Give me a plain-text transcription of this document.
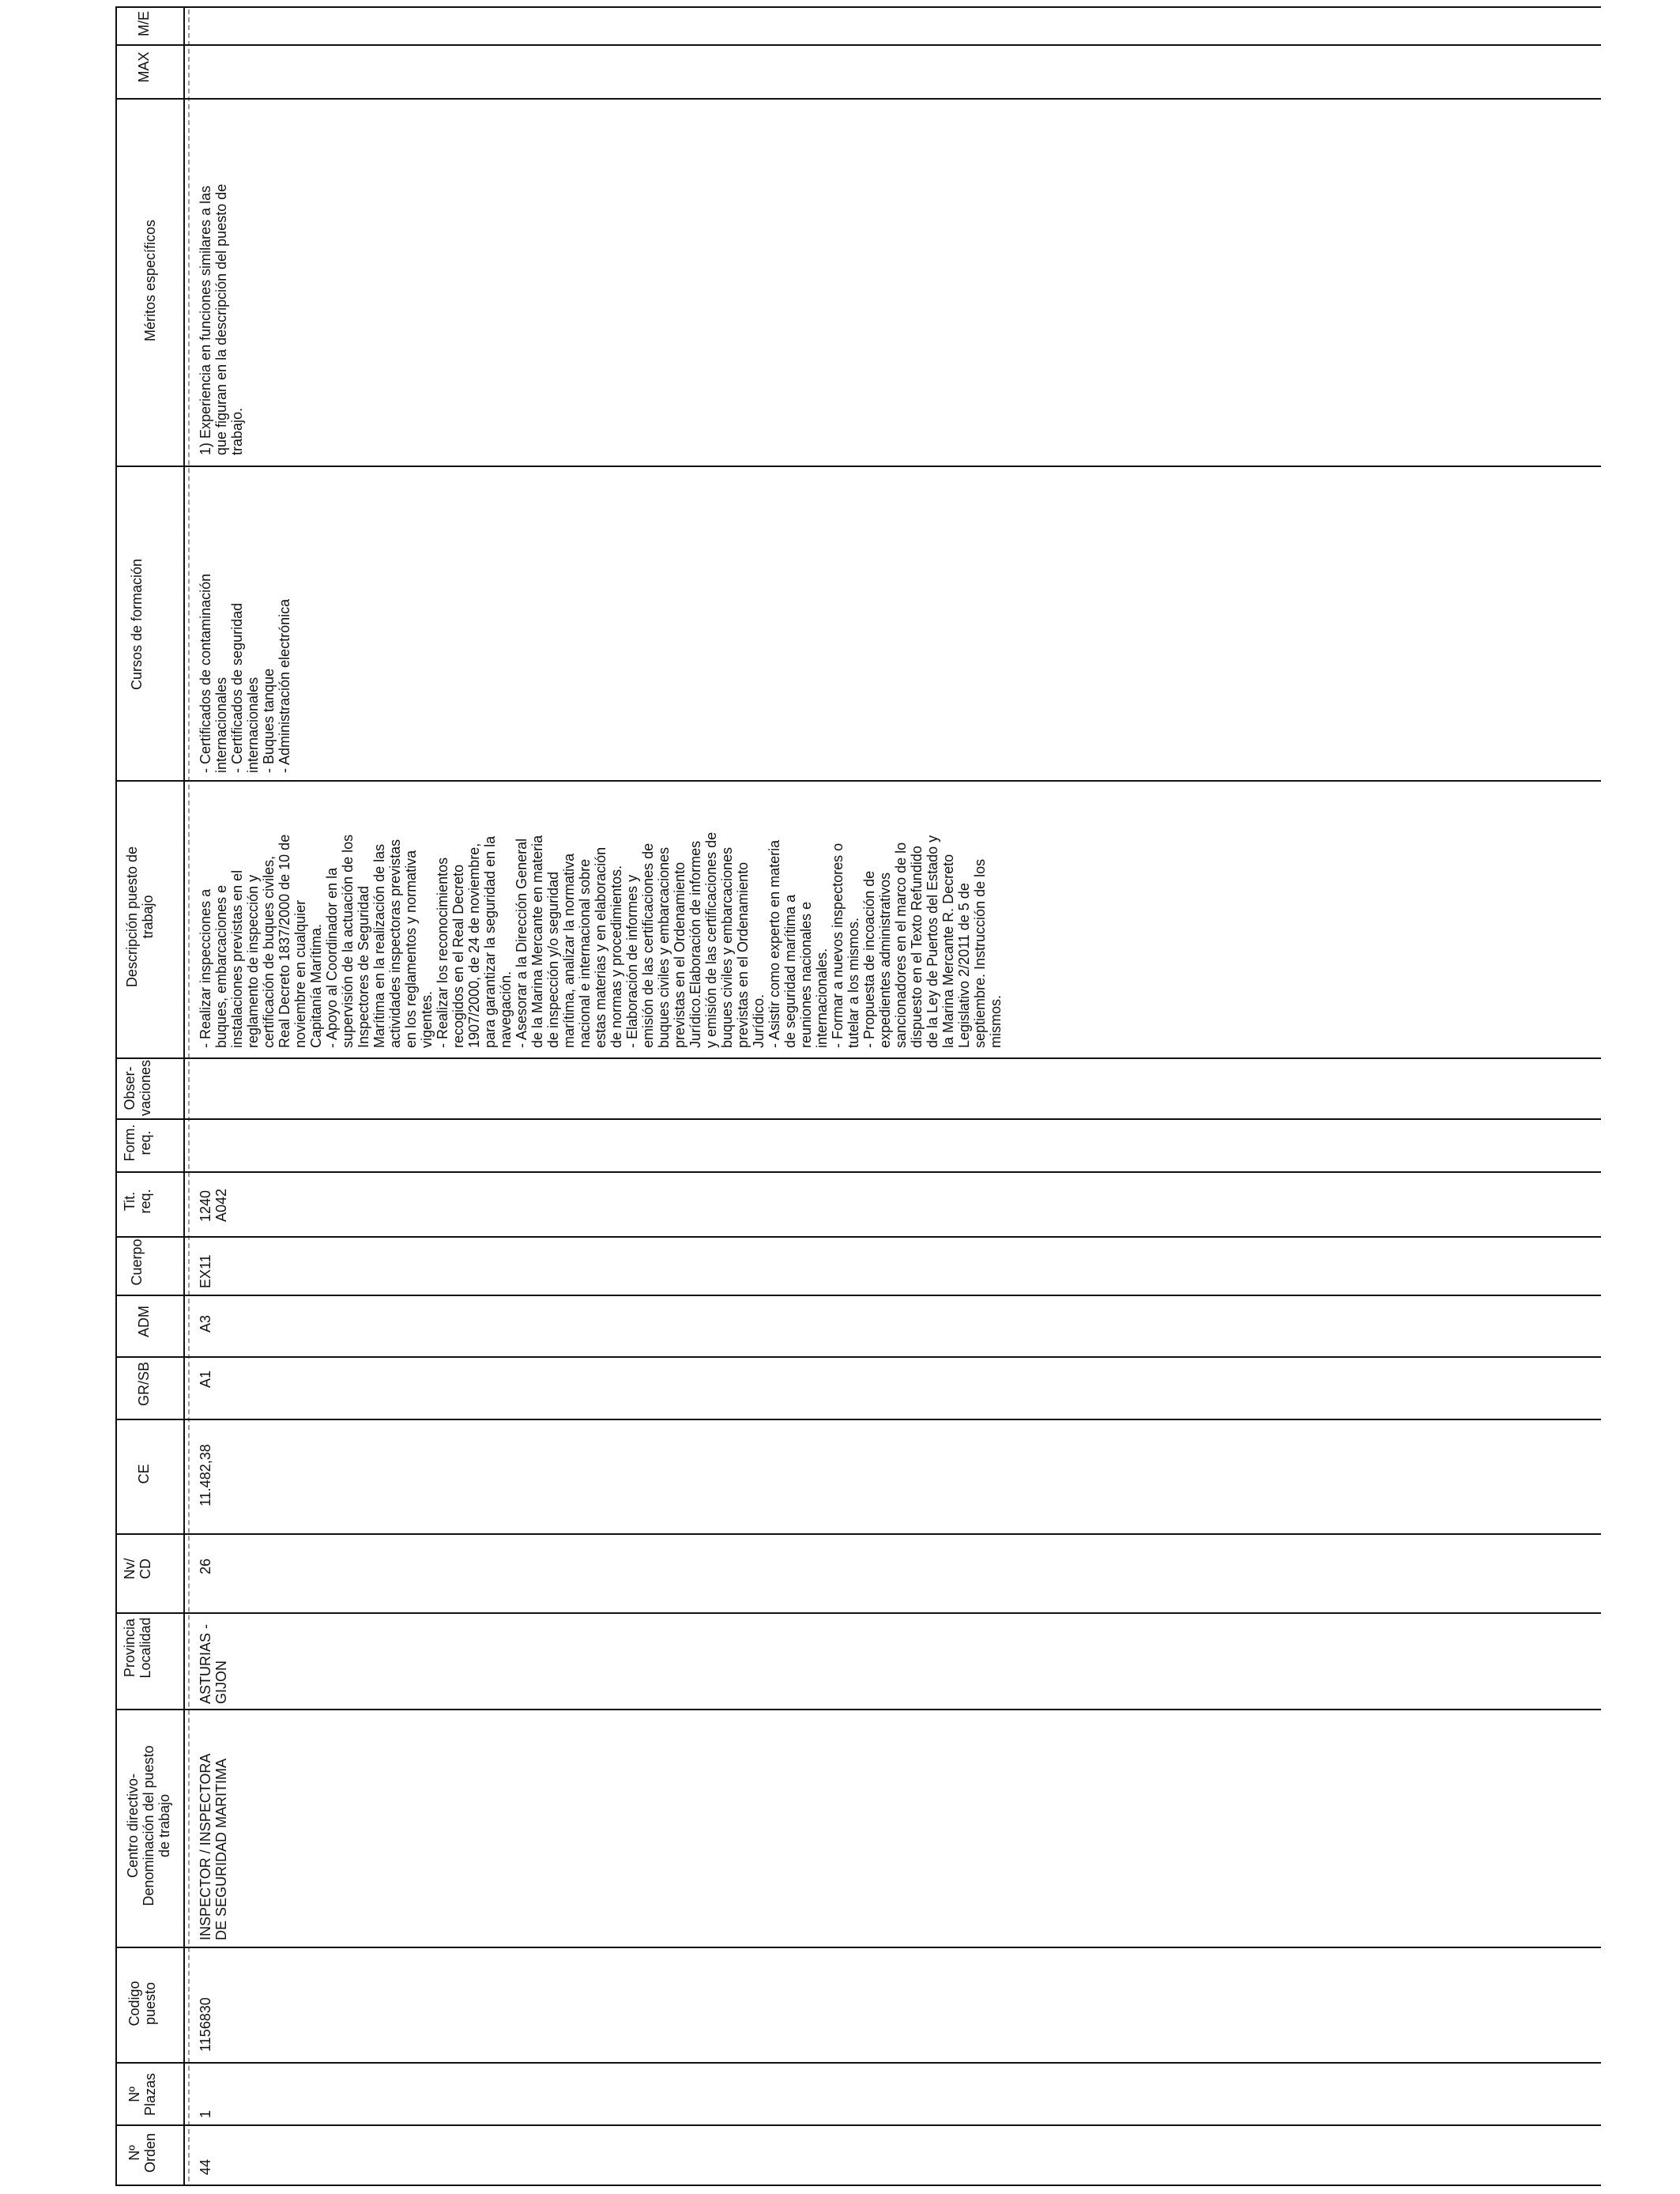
M/E
MAX
Méritos específicos
Cursos de formación
Descripción puesto de
trabajo
Obser-
vaciones
Form.
req.
Tit.
req.
Cuerpo
ADM
GR/SB
CE
Nv/
CD
Provincia
Localidad
Centro directivo-
Denominación del puesto
de trabajo
Codigo
puesto
Nº
Plazas
Nº
Orden	44
1
1156830
INSPECTOR / INSPECTORA DE SEGURIDAD MARITIMA
ASTURIAS - GIJON
26
11.482,38
A1
A3
EX11
1240 A042
- Realizar inspecciones a buques, embarcaciones e instalaciones previstas en el reglamento de inspección y certificación de buques civiles, Real Decreto 1837/2000 de 10 de noviembre en cualquier Capitanía Marítima. - Apoyo al Coordinador en la supervisión de la actuación de los Inspectores de Seguridad Marítima en la realización de las actividades inspectoras previstas en los reglamentos y normativa vigentes. - Realizar los reconocimientos recogidos en el Real Decreto 1907/2000, de 24 de noviembre, para garantizar la seguridad en la navegación. - Asesorar a la Dirección General de la Marina Mercante en materia de inspección y/o seguridad marítima, analizar la normativa nacional e internacional sobre estas materias y en elaboración de normas y procedimientos. - Elaboración de informes y emisión de las certificaciones de buques civiles y embarcaciones previstas en el Ordenamiento Jurídico.Elaboración de informes y emisión de las certificaciones de buques civiles y embarcaciones previstas en el Ordenamiento Jurídico. - Asistir como experto en materia de seguridad marítima a reuniones nacionales e internacionales. - Formar a nuevos inspectores o tutelar a los mismos. - Propuesta de incoación de expedientes administrativos sancionadores en el marco de lo dispuesto en el Texto Refundido de la Ley de Puertos del Estado y la Marina Mercante R. Decreto Legislativo 2/2011 de 5 de septiembre. Instrucción de los mismos.
- Certificados de contaminación internacionales - Certificados de seguridad internacionales - Buques tanque - Administración electrónica
1) Experiencia en funciones similares a las que figuran en la descripción del puesto de trabajo.
